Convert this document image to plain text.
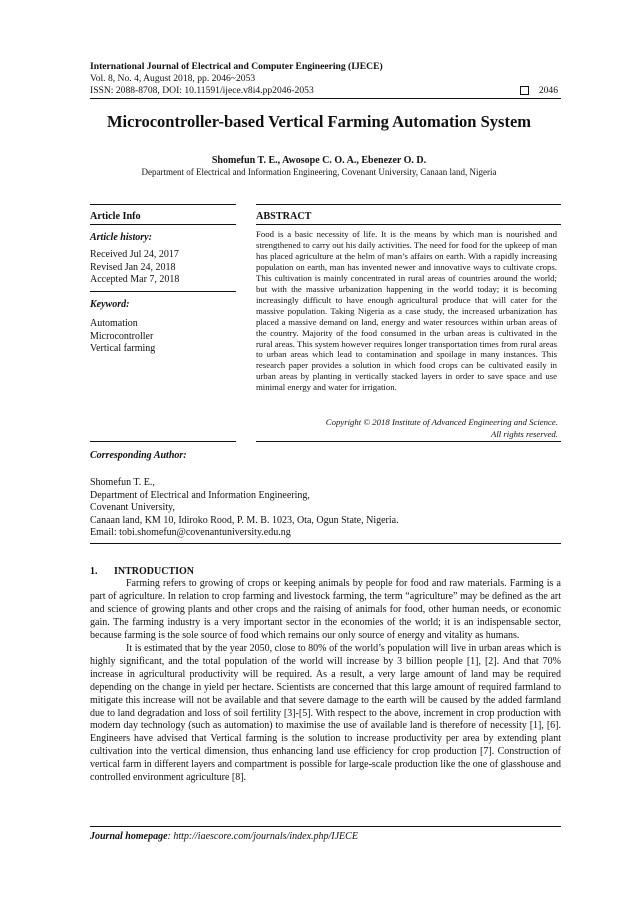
International Journal of Electrical and Computer Engineering (IJECE)
Vol. 8, No. 4, August 2018, pp. 2046~2053
ISSN: 2088-8708, DOI: 10.11591/ijece.v8i4.pp2046-2053	2046
Microcontroller-based Vertical Farming Automation System
Shomefun T. E., Awosope C. O. A., Ebenezer O. D.
Department of Electrical and Information Engineering, Covenant University, Canaan land, Nigeria
Article Info
Article history:
Received Jul 24, 2017
Revised Jan 24, 2018
Accepted Mar 7, 2018
Keyword:
Automation
Microcontroller
Vertical farming
ABSTRACT
Food is a basic necessity of life. It is the means by which man is nourished and strengthened to carry out his daily activities. The need for food for the upkeep of man has placed agriculture at the helm of man’s affairs on earth. With a rapidly increasing population on earth, man has invented newer and innovative ways to cultivate crops. This cultivation is mainly concentrated in rural areas of countries around the world; but with the massive urbanization happening in the world today; it is becoming increasingly difficult to have enough agricultural produce that will cater for the massive population. Taking Nigeria as a case study, the increased urbanization has placed a massive demand on land, energy and water resources within urban areas of the country. Majority of the food consumed in the urban areas is cultivated in the rural areas. This system however requires longer transportation times from rural areas to urban areas which lead to contamination and spoilage in many instances. This research paper provides a solution in which food crops can be cultivated easily in urban areas by planting in vertically stacked layers in order to save space and use minimal energy and water for irrigation.
Copyright © 2018 Institute of Advanced Engineering and Science.
All rights reserved.
Corresponding Author:
Shomefun T. E.,
Department of Electrical and Information Engineering,
Covenant University,
Canaan land, KM 10, Idiroko Rood, P. M. B. 1023, Ota, Ogun State, Nigeria.
Email: tobi.shomefun@covenantuniversity.edu.ng
1. INTRODUCTION

Farming refers to growing of crops or keeping animals by people for food and raw materials. Farming is a part of agriculture. In relation to crop farming and livestock farming, the term “agriculture” may be defined as the art and science of growing plants and other crops and the raising of animals for food, other human needs, or economic gain. The farming industry is a very important sector in the economies of the world; it is an indispensable sector, because farming is the sole source of food which remains our only source of energy and vitality as humans.

It is estimated that by the year 2050, close to 80% of the world’s population will live in urban areas which is highly significant, and the total population of the world will increase by 3 billion people [1], [2]. And that 70% increase in agricultural productivity will be required. As a result, a very large amount of land may be required depending on the change in yield per hectare. Scientists are concerned that this large amount of required farmland to mitigate this increase will not be available and that severe damage to the earth will be caused by the added farmland due to land degradation and loss of soil fertility [3]-[5]. With respect to the above, increment in crop production with modern day technology (such as automation) to maximise the use of available land is therefore of necessity [1], [6]. Engineers have advised that Vertical farming is the solution to increase productivity per area by extending plant cultivation into the vertical dimension, thus enhancing land use efficiency for crop production [7]. Construction of vertical farm in different layers and compartment is possible for large-scale production like the one of glasshouse and controlled environment agriculture [8].

Journal homepage: http://iaescore.com/journals/index.php/IJECE
